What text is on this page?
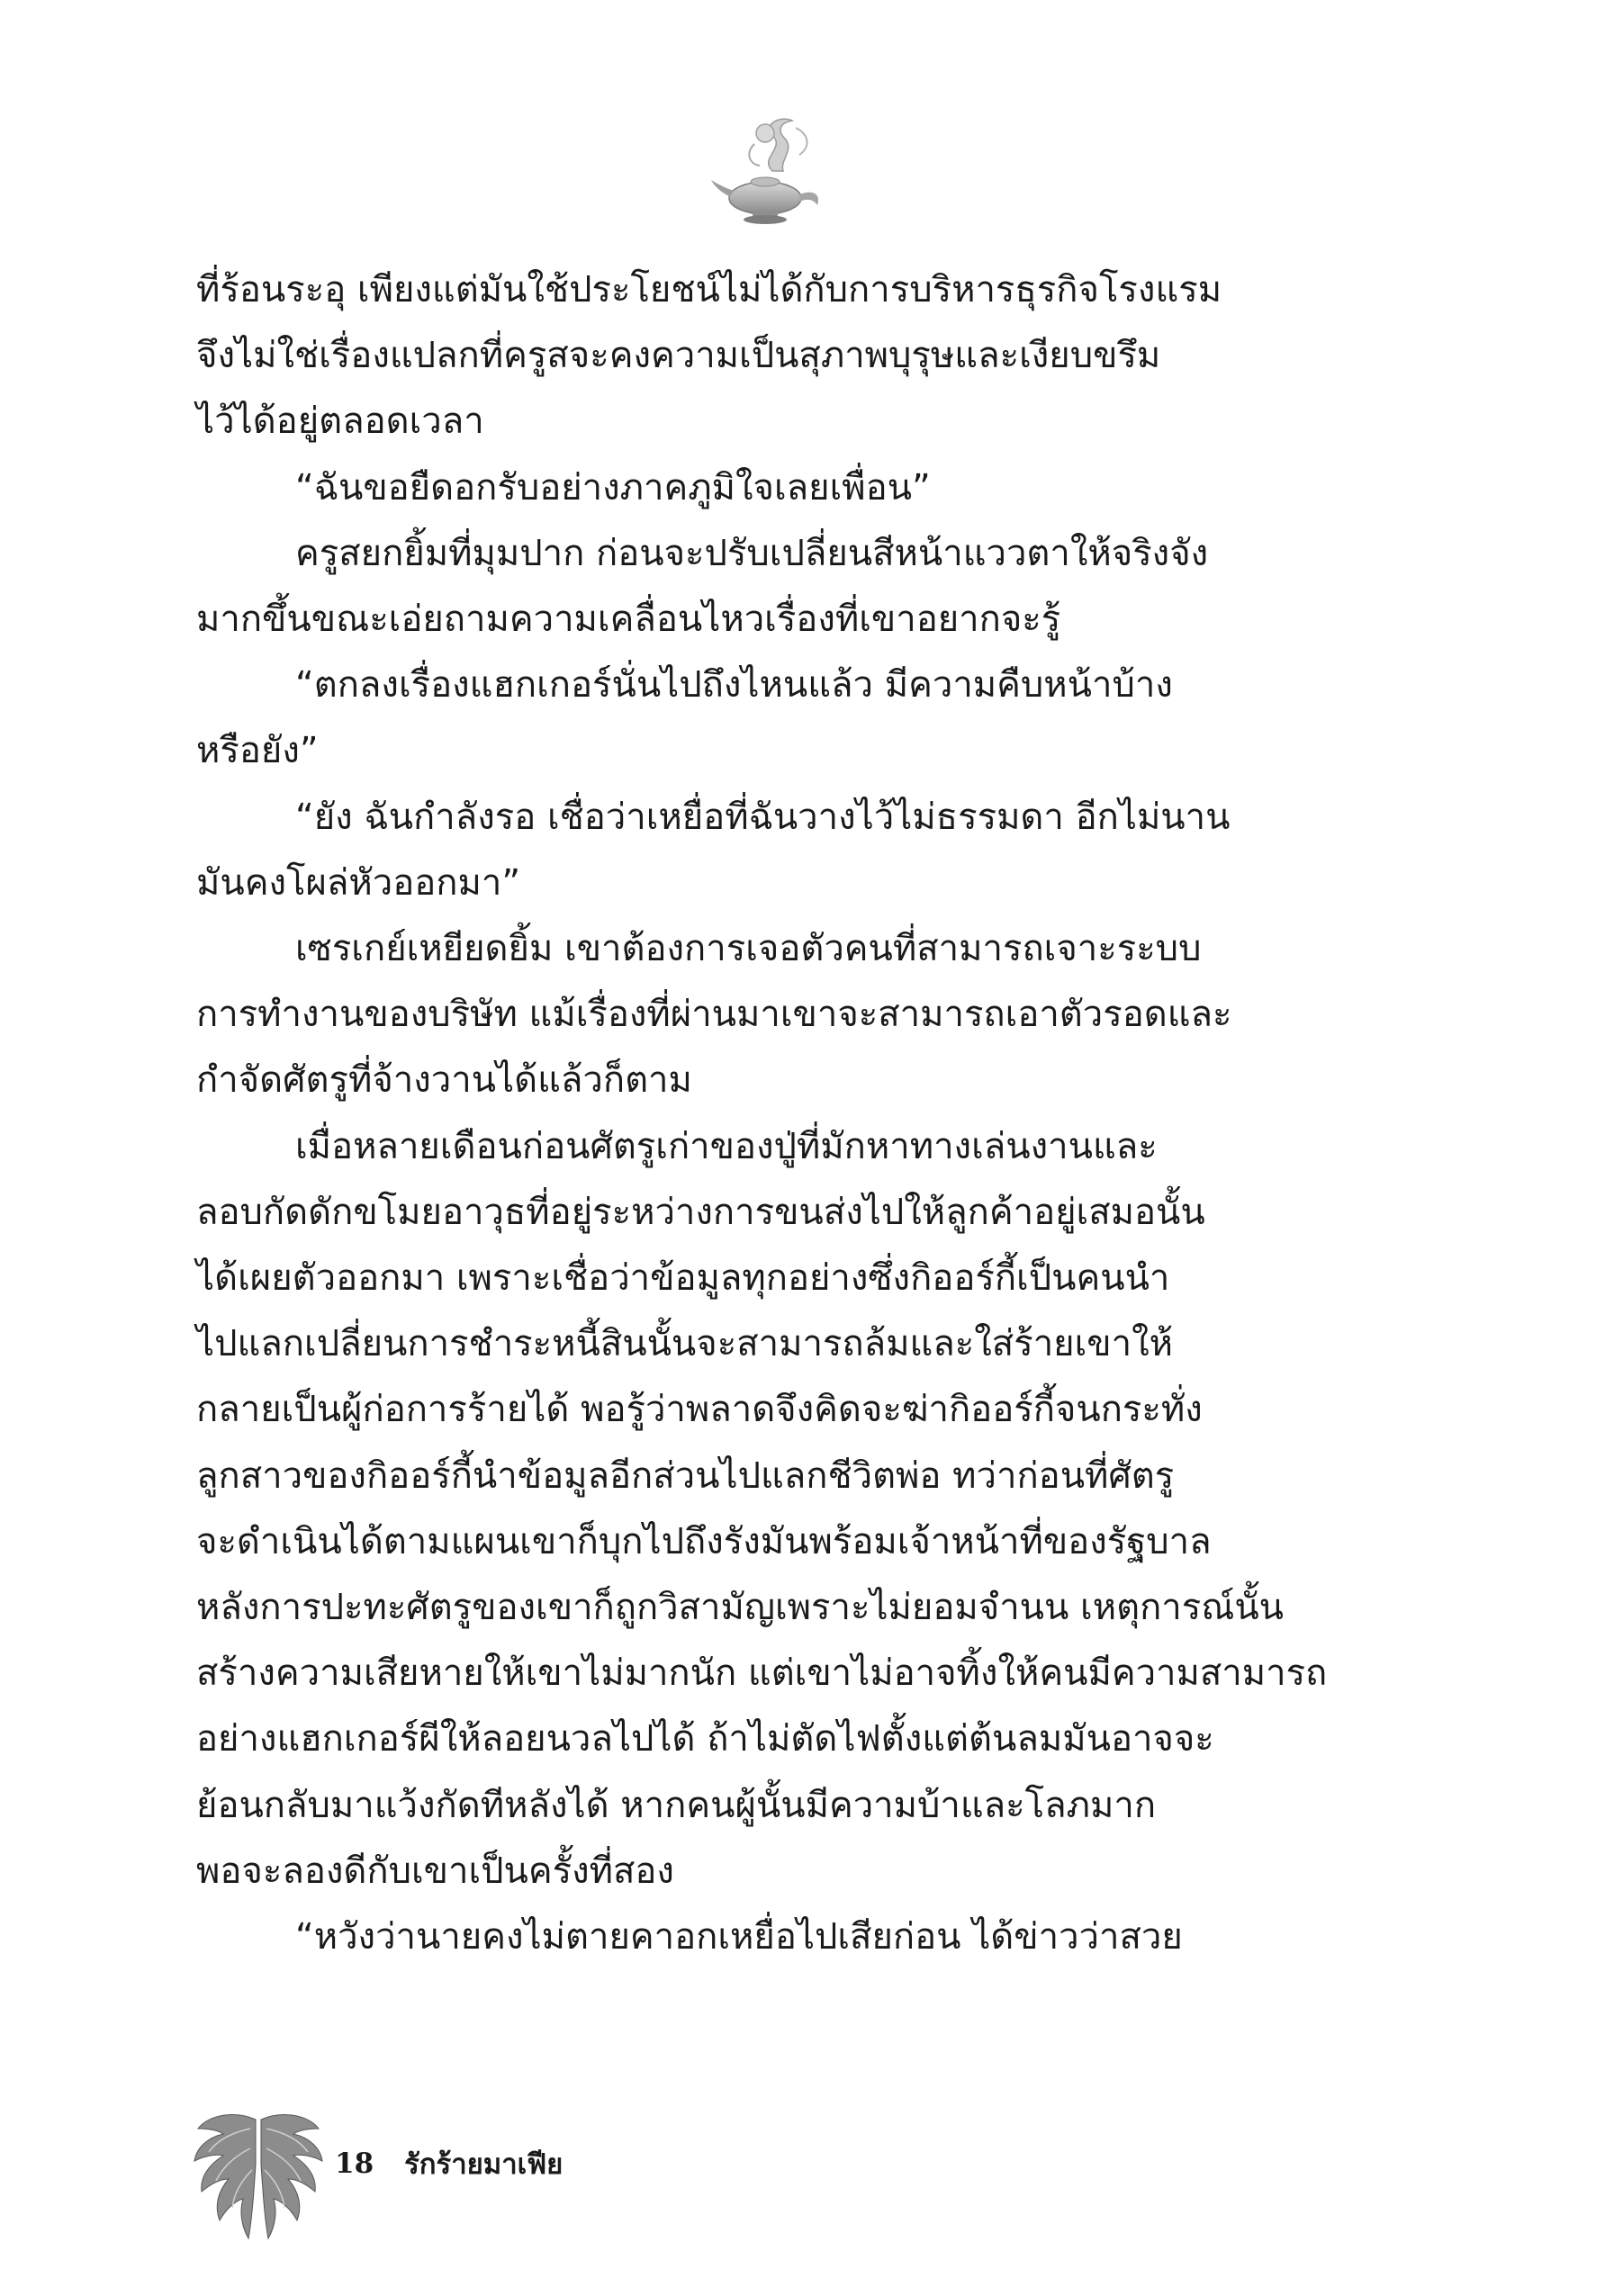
ที่ร้อนระอุ เพียงแต่มันใช้ประโยชน์ไม่ได้กับการบริหารธุรกิจโรงแรม

จึงไม่ใช่เรื่องแปลกที่ครูสจะคงความเป็นสุภาพบุรุษและเงียบขรึม

ไว้ได้อยู่ตลอดเวลา

“ฉันขอยืดอกรับอย่างภาคภูมิใจเลยเพื่อน”

ครูสยกยิ้มที่มุมปาก ก่อนจะปรับเปลี่ยนสีหน้าแววตาให้จริงจัง

มากขึ้นขณะเอ่ยถามความเคลื่อนไหวเรื่องที่เขาอยากจะรู้

“ตกลงเรื่องแฮกเกอร์นั่นไปถึงไหนแล้ว มีความคืบหน้าบ้าง

หรือยัง”

“ยัง ฉันกำลังรอ เชื่อว่าเหยื่อที่ฉันวางไว้ไม่ธรรมดา อีกไม่นาน

มันคงโผล่หัวออกมา”

เซรเกย์เหยียดยิ้ม เขาต้องการเจอตัวคนที่สามารถเจาะระบบ

การทำงานของบริษัท แม้เรื่องที่ผ่านมาเขาจะสามารถเอาตัวรอดและ

กำจัดศัตรูที่จ้างวานได้แล้วก็ตาม

เมื่อหลายเดือนก่อนศัตรูเก่าของปู่ที่มักหาทางเล่นงานและ

ลอบกัดดักขโมยอาวุธที่อยู่ระหว่างการขนส่งไปให้ลูกค้าอยู่เสมอนั้น

ได้เผยตัวออกมา เพราะเชื่อว่าข้อมูลทุกอย่างซึ่งกิออร์กี้เป็นคนนำ

ไปแลกเปลี่ยนการชำระหนี้สินนั้นจะสามารถล้มและใส่ร้ายเขาให้

กลายเป็นผู้ก่อการร้ายได้ พอรู้ว่าพลาดจึงคิดจะฆ่ากิออร์กี้จนกระทั่ง

ลูกสาวของกิออร์กี้นำข้อมูลอีกส่วนไปแลกชีวิตพ่อ ทว่าก่อนที่ศัตรู

จะดำเนินได้ตามแผนเขาก็บุกไปถึงรังมันพร้อมเจ้าหน้าที่ของรัฐบาล

หลังการปะทะศัตรูของเขาก็ถูกวิสามัญเพราะไม่ยอมจำนน เหตุการณ์นั้น

สร้างความเสียหายให้เขาไม่มากนัก แต่เขาไม่อาจทิ้งให้คนมีความสามารถ

อย่างแฮกเกอร์ผีให้ลอยนวลไปได้ ถ้าไม่ตัดไฟตั้งแต่ต้นลมมันอาจจะ

ย้อนกลับมาแว้งกัดทีหลังได้ หากคนผู้นั้นมีความบ้าและโลภมาก

พอจะลองดีกับเขาเป็นครั้งที่สอง

“หวังว่านายคงไม่ตายคาอกเหยื่อไปเสียก่อน ได้ข่าวว่าสวย

18 รักร้ายมาเฟีย
